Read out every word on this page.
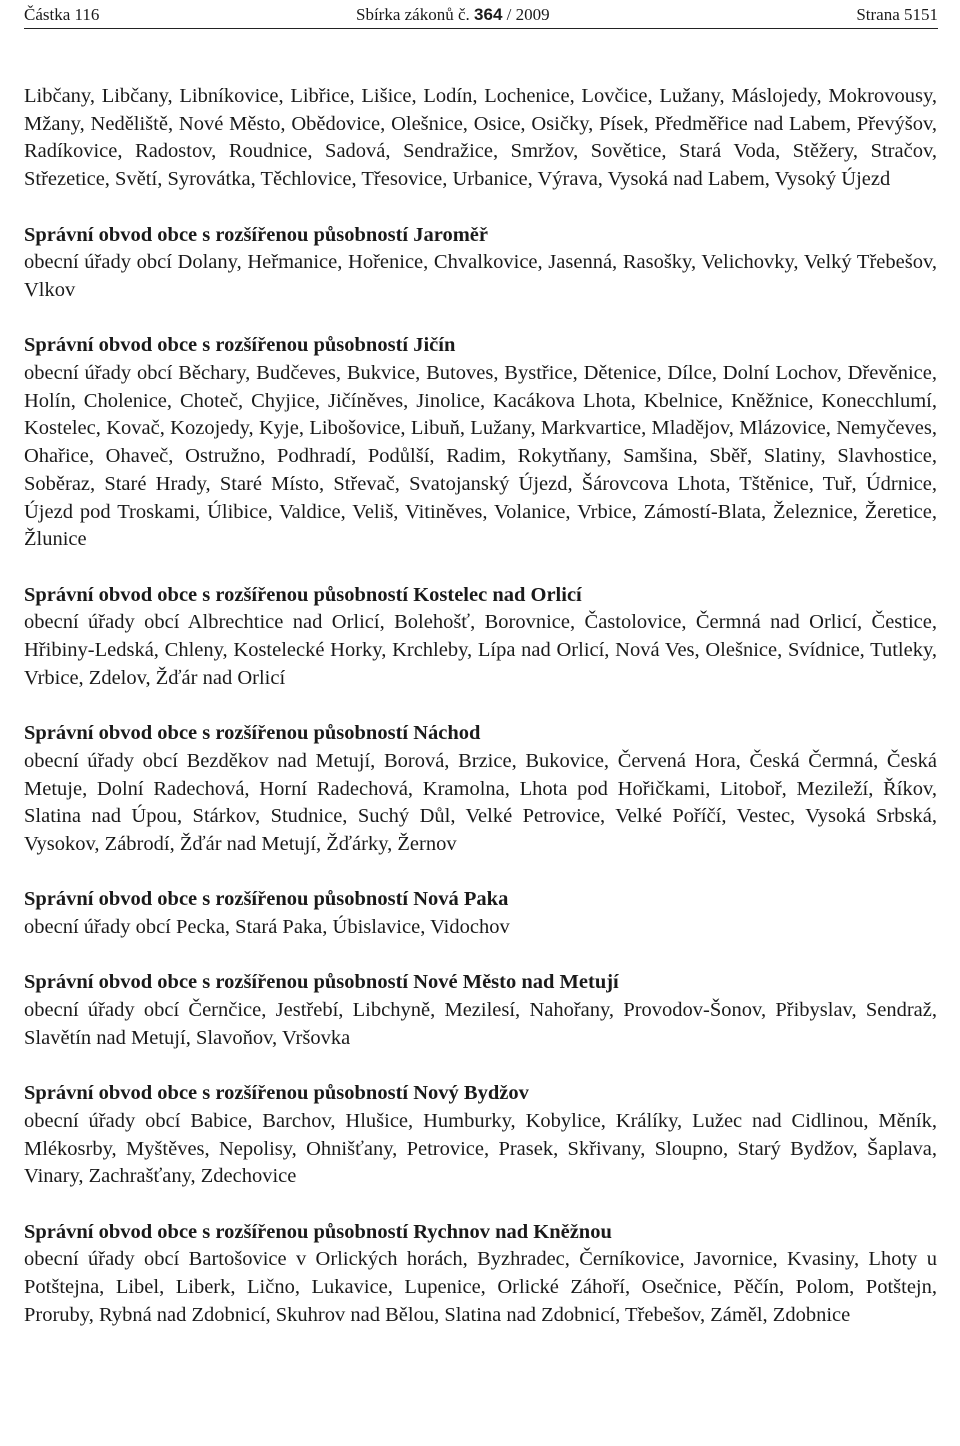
Částka 116	Sbírka zákonů č. 364 / 2009	Strana 5151

Libčany, Libčany, Libníkovice, Libřice, Lišice, Lodín, Lochenice, Lovčice, Lužany, Máslojedy, Mokrovousy, Mžany, Neděliště, Nové Město, Obědovice, Olešnice, Osice, Osičky, Písek, Předměřice nad Labem, Převýšov, Radíkovice, Radostov, Roudnice, Sadová, Sendražice, Smržov, Sovětice, Stará Voda, Stěžery, Stračov, Střezetice, Světí, Syrovátka, Těchlovice, Třesovice, Urbanice, Výrava, Vysoká nad Labem, Vysoký Újezd

Správní obvod obce s rozšířenou působností Jaroměř

obecní úřady obcí Dolany, Heřmanice, Hořenice, Chvalkovice, Jasenná, Rasošky, Velichovky, Velký Třebešov, Vlkov

Správní obvod obce s rozšířenou působností Jičín

obecní úřady obcí Běchary, Budčeves, Bukvice, Butoves, Bystřice, Dětenice, Dílce, Dolní Lochov, Dřevěnice, Holín, Cholenice, Choteč, Chyjice, Jičíněves, Jinolice, Kacákova Lhota, Kbelnice, Kněžnice, Konecchlumí, Kostelec, Kovač, Kozojedy, Kyje, Libošovice, Libuň, Lužany, Markvartice, Mladějov, Mlázovice, Nemyčeves, Ohařice, Ohaveč, Ostružno, Podhradí, Podůlší, Radim, Rokytňany, Samšina, Sběř, Slatiny, Slavhostice, Soběraz, Staré Hrady, Staré Místo, Střevač, Svatojanský Újezd, Šárovcova Lhota, Tštěnice, Tuř, Údrnice, Újezd pod Troskami, Úlibice, Valdice, Veliš, Vitiněves, Volanice, Vrbice, Zámostí-Blata, Železnice, Žeretice, Žlunice

Správní obvod obce s rozšířenou působností Kostelec nad Orlicí

obecní úřady obcí Albrechtice nad Orlicí, Bolehošť, Borovnice, Častolovice, Čermná nad Orlicí, Čestice, Hřibiny-Ledská, Chleny, Kostelecké Horky, Krchleby, Lípa nad Orlicí, Nová Ves, Olešnice, Svídnice, Tutleky, Vrbice, Zdelov, Žďár nad Orlicí

Správní obvod obce s rozšířenou působností Náchod

obecní úřady obcí Bezděkov nad Metují, Borová, Brzice, Bukovice, Červená Hora, Česká Čermná, Česká Metuje, Dolní Radechová, Horní Radechová, Kramolna, Lhota pod Hořičkami, Litoboř, Mezileží, Říkov, Slatina nad Úpou, Stárkov, Studnice, Suchý Důl, Velké Petrovice, Velké Poříčí, Vestec, Vysoká Srbská, Vysokov, Zábrodí, Žďár nad Metují, Žďárky, Žernov

Správní obvod obce s rozšířenou působností Nová Paka

obecní úřady obcí Pecka, Stará Paka, Úbislavice, Vidochov

Správní obvod obce s rozšířenou působností Nové Město nad Metují

obecní úřady obcí Černčice, Jestřebí, Libchyně, Mezilesí, Nahořany, Provodov-Šonov, Přibyslav, Sendraž, Slavětín nad Metují, Slavoňov, Vršovka

Správní obvod obce s rozšířenou působností Nový Bydžov

obecní úřady obcí Babice, Barchov, Hlušice, Humburky, Kobylice, Králíky, Lužec nad Cidlinou, Měník, Mlékosrby, Myštěves, Nepolisy, Ohnišťany, Petrovice, Prasek, Skřivany, Sloupno, Starý Bydžov, Šaplava, Vinary, Zachrašťany, Zdechovice

Správní obvod obce s rozšířenou působností Rychnov nad Kněžnou

obecní úřady obcí Bartošovice v Orlických horách, Byzhradec, Černíkovice, Javornice, Kvasiny, Lhoty u Potštejna, Libel, Liberk, Lično, Lukavice, Lupenice, Orlické Záhoří, Osečnice, Pěčín, Polom, Potštejn, Proruby, Rybná nad Zdobnicí, Skuhrov nad Bělou, Slatina nad Zdobnicí, Třebešov, Záměl, Zdobnice
